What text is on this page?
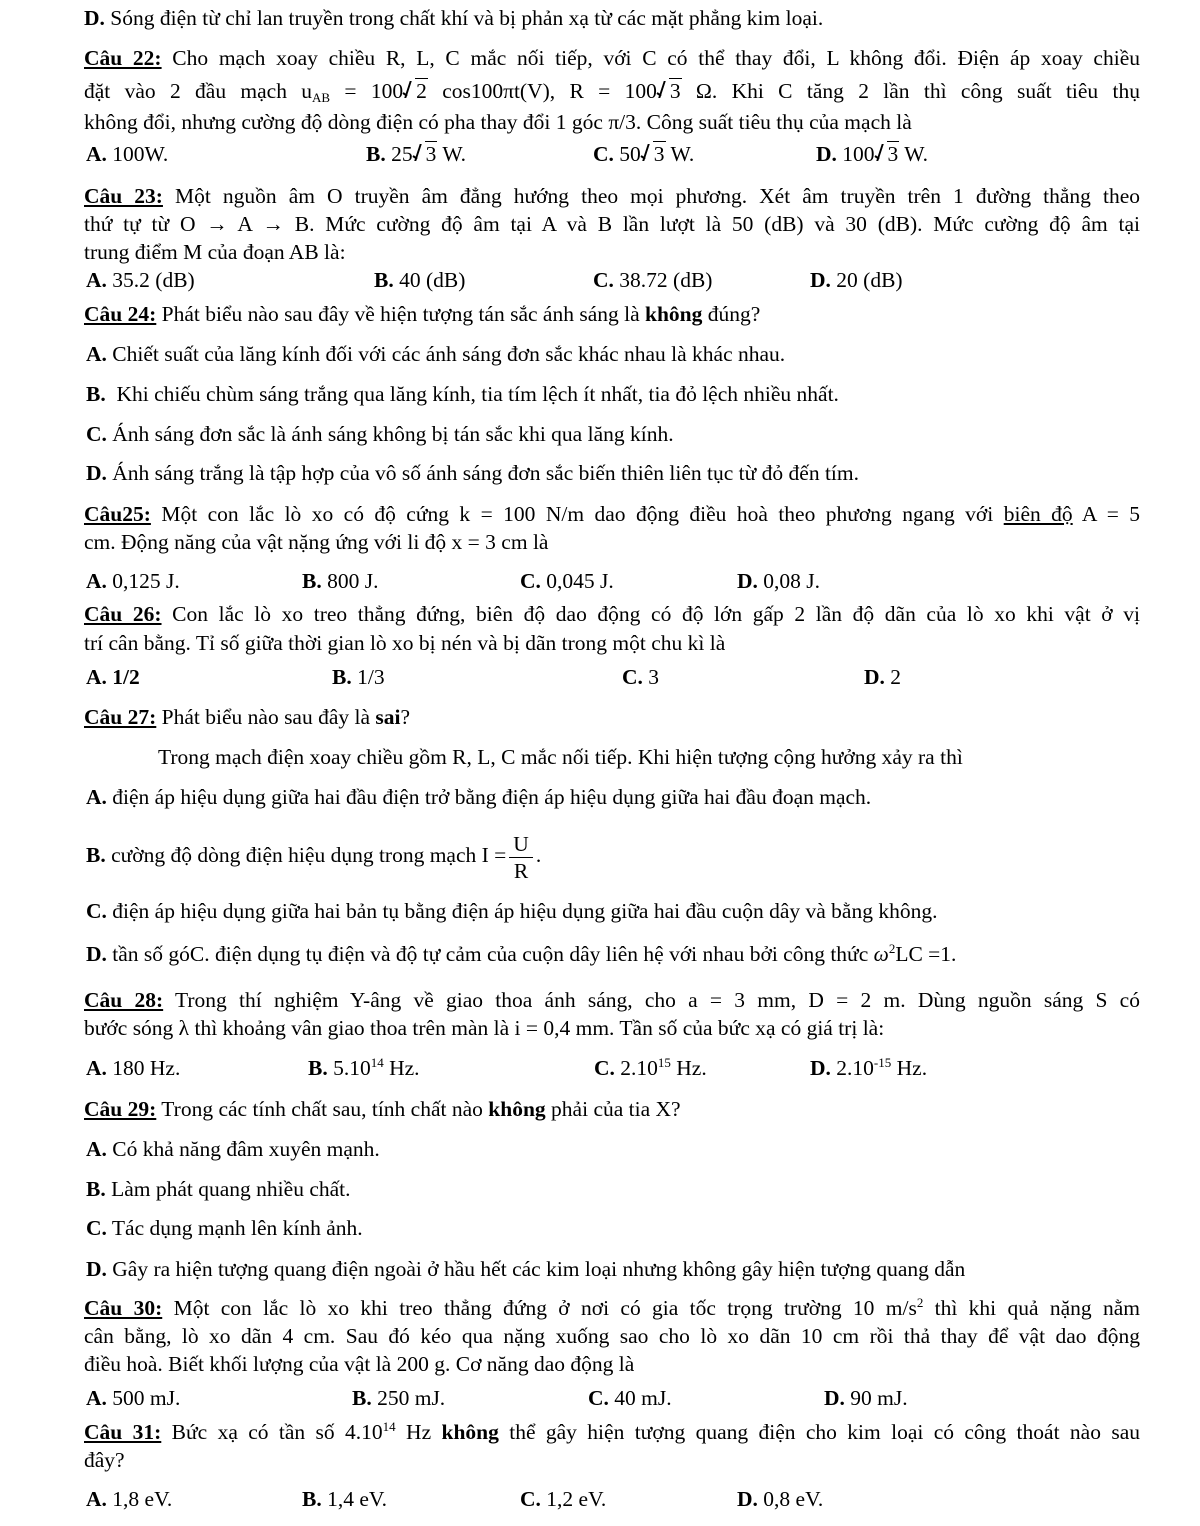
D. Sóng điện từ chỉ lan truyền trong chất khí và bị phản xạ từ các mặt phẳng kim loại.
Câu 22: Cho mạch xoay chiều R, L, C mắc nối tiếp, với C có thể thay đổi, L không đổi. Điện áp xoay chiều
đặt vào 2 đầu mạch $u_{AB} = 100$ 2 cos100πt(V), R = 100 3 Ω. Khi C tăng 2 lần thì công suất tiêu thụ
không đổi, nhưng cường độ dòng điện có pha thay đổi 1 góc π/3. Công suất tiêu thụ của mạch là
A. 100W.	B. 25 3 W.	C. 50 3 W.	D. 100 3 W.
Câu 23: Một nguồn âm O truyền âm đẳng hướng theo mọi phương. Xét âm truyền trên 1 đường thẳng theo
thứ tự từ O → A → B. Mức cường độ âm tại A và B lần lượt là 50 (dB) và 30 (dB). Mức cường độ âm tại
trung điểm M của đoạn AB là:
A. 35.2 (dB)	B. 40 (dB)	C. 38.72 (dB)	D. 20 (dB)
Câu 24: Phát biểu nào sau đây về hiện tượng tán sắc ánh sáng là không đúng?
A. Chiết suất của lăng kính đối với các ánh sáng đơn sắc khác nhau là khác nhau.
B. Khi chiếu chùm sáng trắng qua lăng kính, tia tím lệch ít nhất, tia đỏ lệch nhiều nhất.
C. Ánh sáng đơn sắc là ánh sáng không bị tán sắc khi qua lăng kính.
D. Ánh sáng trắng là tập hợp của vô số ánh sáng đơn sắc biến thiên liên tục từ đỏ đến tím.
Câu25: Một con lắc lò xo có độ cứng k = 100 N/m dao động điều hoà theo phương ngang với biên độ A = 5
cm. Động năng của vật nặng ứng với li độ x = 3 cm là
A. 0,125 J.	B. 800 J.	C. 0,045 J.	D. 0,08 J.
Câu 26: Con lắc lò xo treo thẳng đứng, biên độ dao động có độ lớn gấp 2 lần độ dãn của lò xo khi vật ở vị
trí cân bằng. Tỉ số giữa thời gian lò xo bị nén và bị dãn trong một chu kì là
A. 1/2	B. 1/3	C. 3	D. 2
Câu 27: Phát biểu nào sau đây là sai?
Trong mạch điện xoay chiều gồm R, L, C mắc nối tiếp. Khi hiện tượng cộng hưởng xảy ra thì
A. điện áp hiệu dụng giữa hai đầu điện trở bằng điện áp hiệu dụng giữa hai đầu đoạn mạch.
B. cường độ dòng điện hiệu dụng trong mạch $I = \frac{U}{R}$ .
C. điện áp hiệu dụng giữa hai bản tụ bằng điện áp hiệu dụng giữa hai đầu cuộn dây và bằng không.
D. tần số góC. điện dụng tụ điện và độ tự cảm của cuộn dây liên hệ với nhau bởi công thức $\omega^2LC =1$.
Câu 28: Trong thí nghiệm Y-âng về giao thoa ánh sáng, cho a = 3 mm, D = 2 m. Dùng nguồn sáng S có
bước sóng λ thì khoảng vân giao thoa trên màn là i = 0,4 mm. Tần số của bức xạ có giá trị là:
A. 180 Hz.	B. 5.10$^{14}$ Hz.	C. 2.10$^{15}$ Hz.	D. $2.10^{-15}$ Hz.
Câu 29: Trong các tính chất sau, tính chất nào không phải của tia X?
A. Có khả năng đâm xuyên mạnh.
B. Làm phát quang nhiều chất.
C. Tác dụng mạnh lên kính ảnh.
D. Gây ra hiện tượng quang điện ngoài ở hầu hết các kim loại nhưng không gây hiện tượng quang dẫn
Câu 30: Một con lắc lò xo khi treo thẳng đứng ở nơi có gia tốc trọng trường 10 $m/s^2$ thì khi quả nặng nằm
cân bằng, lò xo dãn 4 cm. Sau đó kéo qua nặng xuống sao cho lò xo dãn 10 cm rồi thả thay để vật dao động
điều hoà. Biết khối lượng của vật là 200 g. Cơ năng dao động là
A. 500 mJ.	B. 250 mJ.	C. 40 mJ.	D. 90 mJ.
Câu 31: Bức xạ có tần số 4.10$^{14}$ Hz không thể gây hiện tượng quang điện cho kim loại có công thoát nào sau
đây?
A. 1,8 eV.	B. 1,4 eV.	C. 1,2 eV.	D. 0,8 eV.
